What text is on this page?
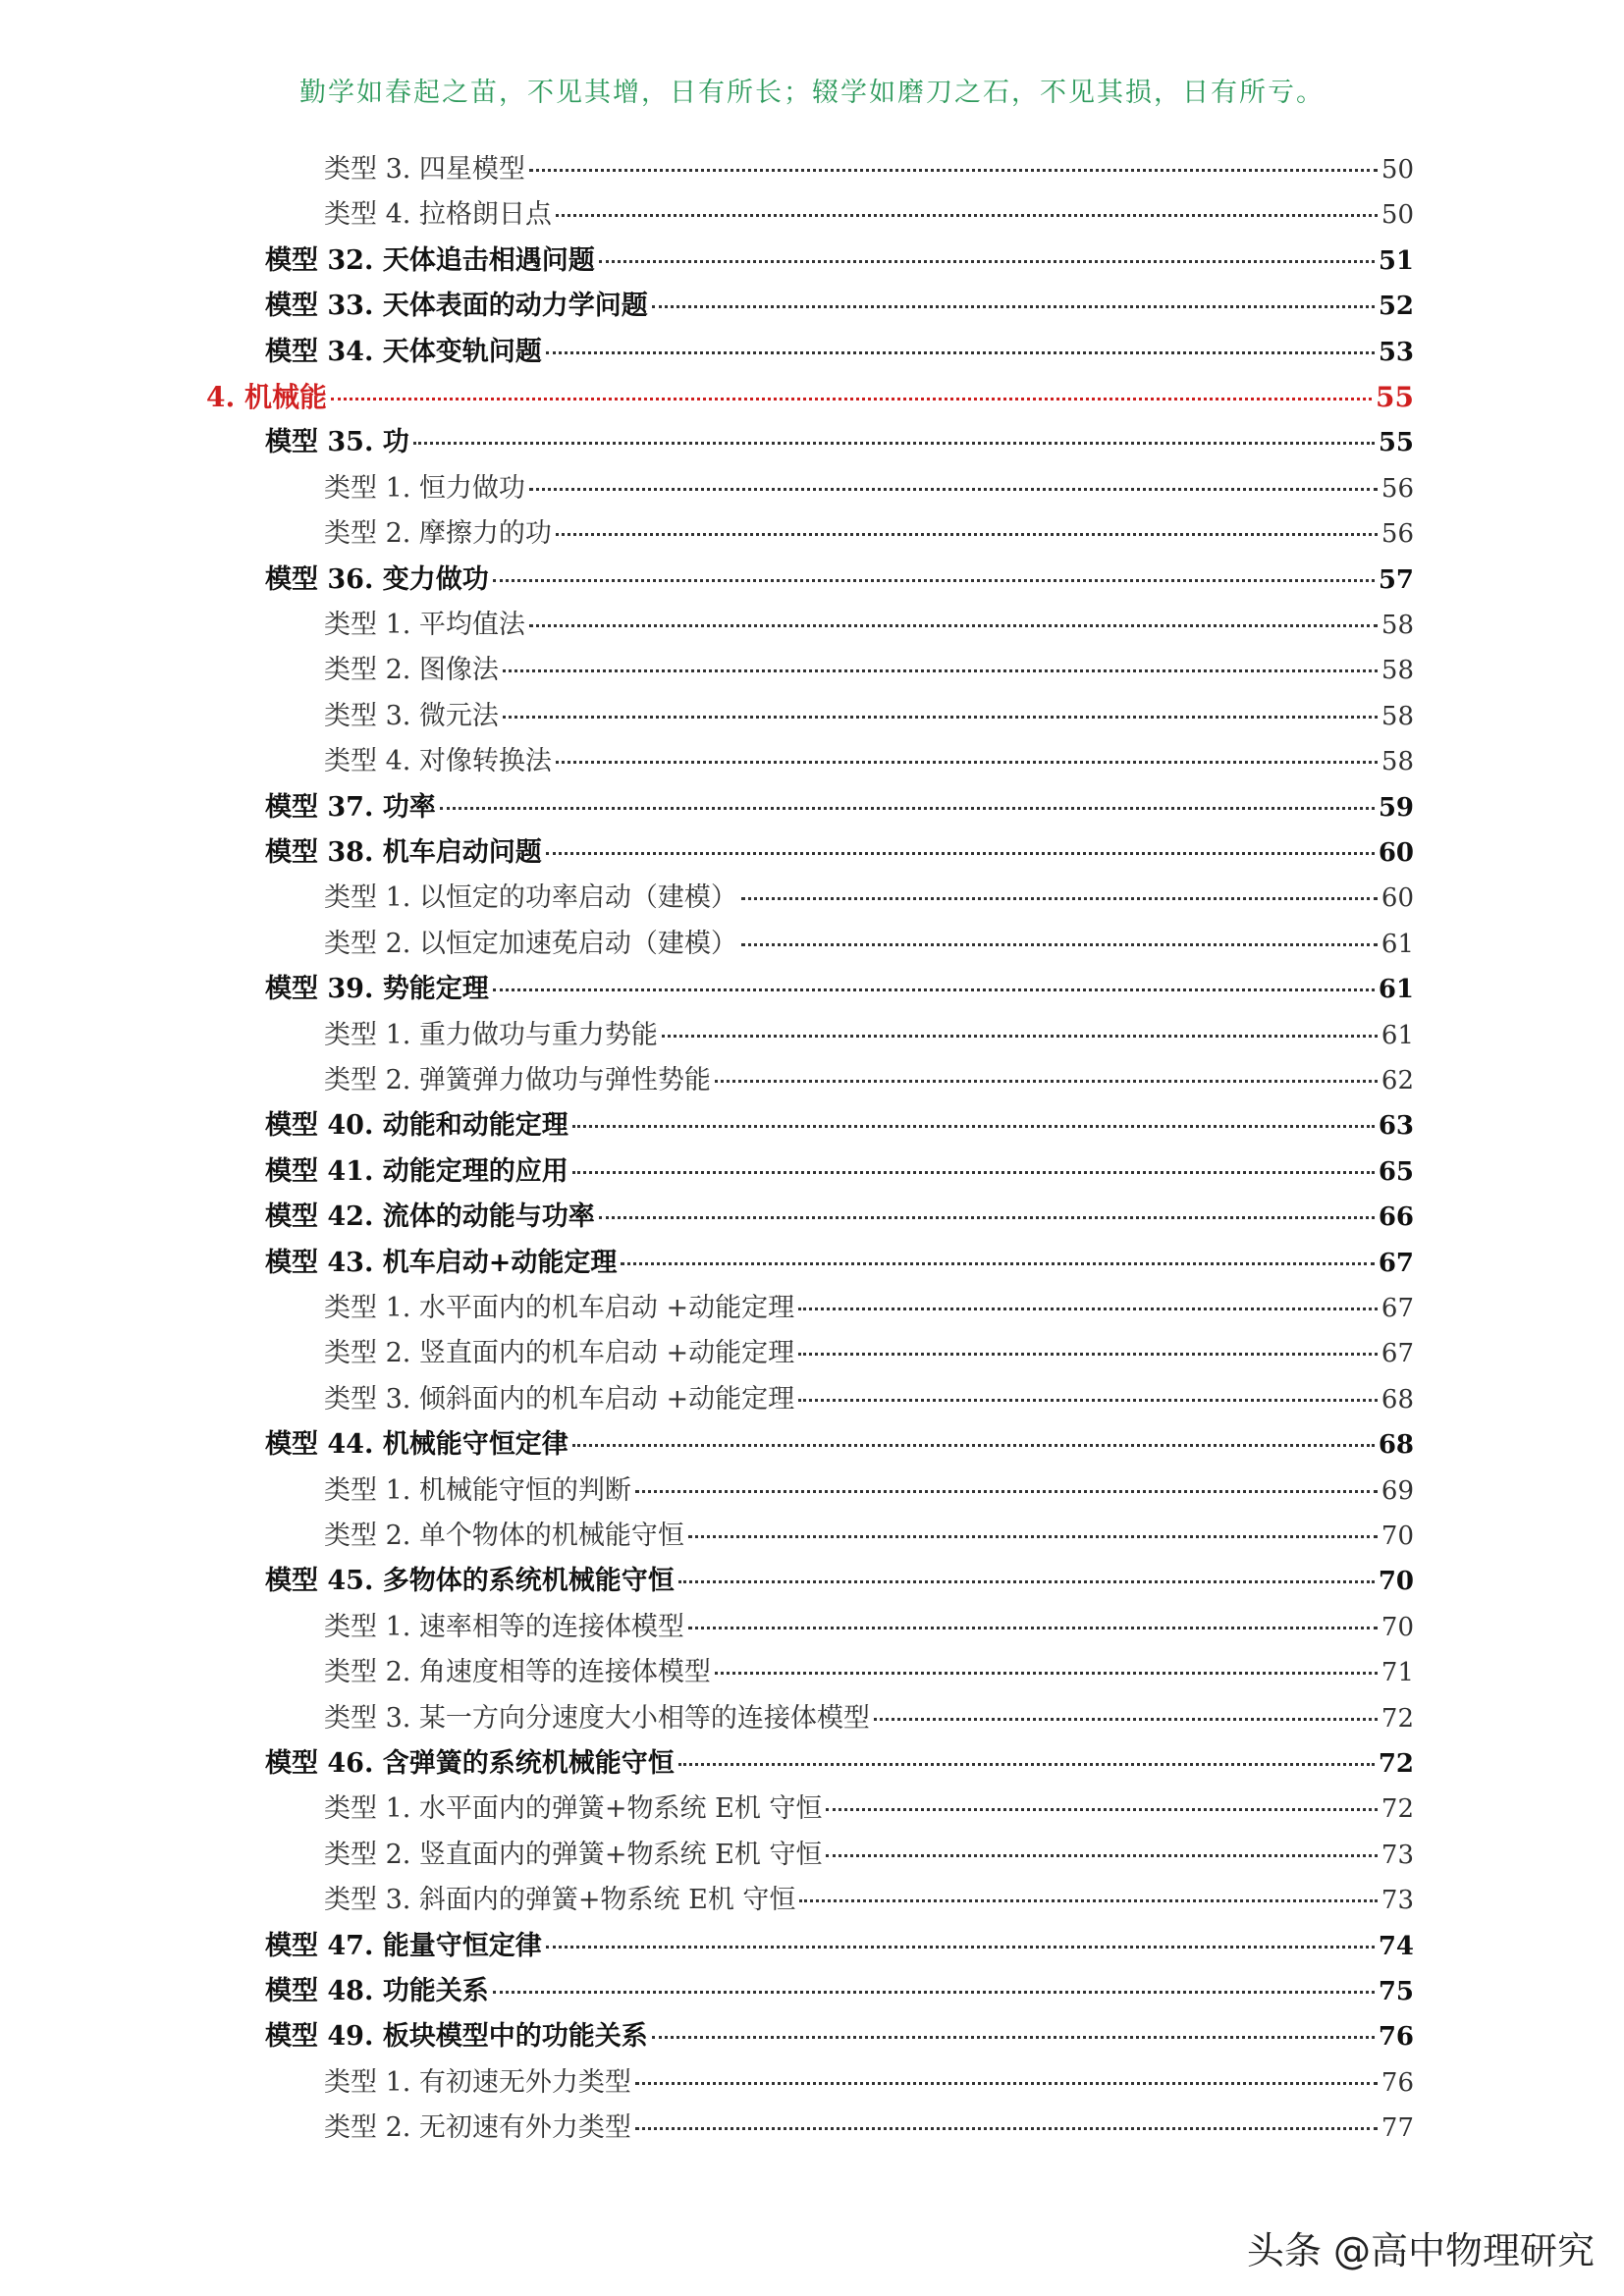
勤学如春起之苗，不见其增，日有所长；辍学如磨刀之石，不见其损，日有所亏。
类型 3. 四星模型	50
类型 4. 拉格朗日点	50
模型 32. 天体追击相遇问题	51
模型 33. 天体表面的动力学问题	52
模型 34. 天体变轨问题	53
4. 机械能	55
模型 35. 功	55
类型 1. 恒力做功	56
类型 2. 摩擦力的功	56
模型 36. 变力做功	57
类型 1. 平均值法	58
类型 2. 图像法	58
类型 3. 微元法	58
类型 4. 对像转换法	58
模型 37. 功率	59
模型 38. 机车启动问题	60
类型 1. 以恒定的功率启动（建模）	60
类型 2. 以恒定加速莬启动（建模）	61
模型 39. 势能定理	61
类型 1. 重力做功与重力势能	61
类型 2. 弹簧弹力做功与弹性势能	62
模型 40. 动能和动能定理	63
模型 41. 动能定理的应用	65
模型 42. 流体的动能与功率	66
模型 43. 机车启动+动能定理	67
类型 1. 水平面内的机车启动 +动能定理	67
类型 2. 竖直面内的机车启动 +动能定理	67
类型 3. 倾斜面内的机车启动 +动能定理	68
模型 44. 机械能守恒定律	68
类型 1. 机械能守恒的判断	69
类型 2. 单个物体的机械能守恒	70
模型 45. 多物体的系统机械能守恒	70
类型 1. 速率相等的连接体模型	70
类型 2. 角速度相等的连接体模型	71
类型 3. 某一方向分速度大小相等的连接体模型	72
模型 46. 含弹簧的系统机械能守恒	72
类型 1. 水平面内的弹簧+物系统 E机 守恒	72
类型 2. 竖直面内的弹簧+物系统 E机 守恒	73
类型 3. 斜面内的弹簧+物系统 E机 守恒	73
模型 47. 能量守恒定律	74
模型 48. 功能关系	75
模型 49. 板块模型中的功能关系	76
类型 1. 有初速无外力类型	76
类型 2. 无初速有外力类型	77
头条 @高中物理研究
